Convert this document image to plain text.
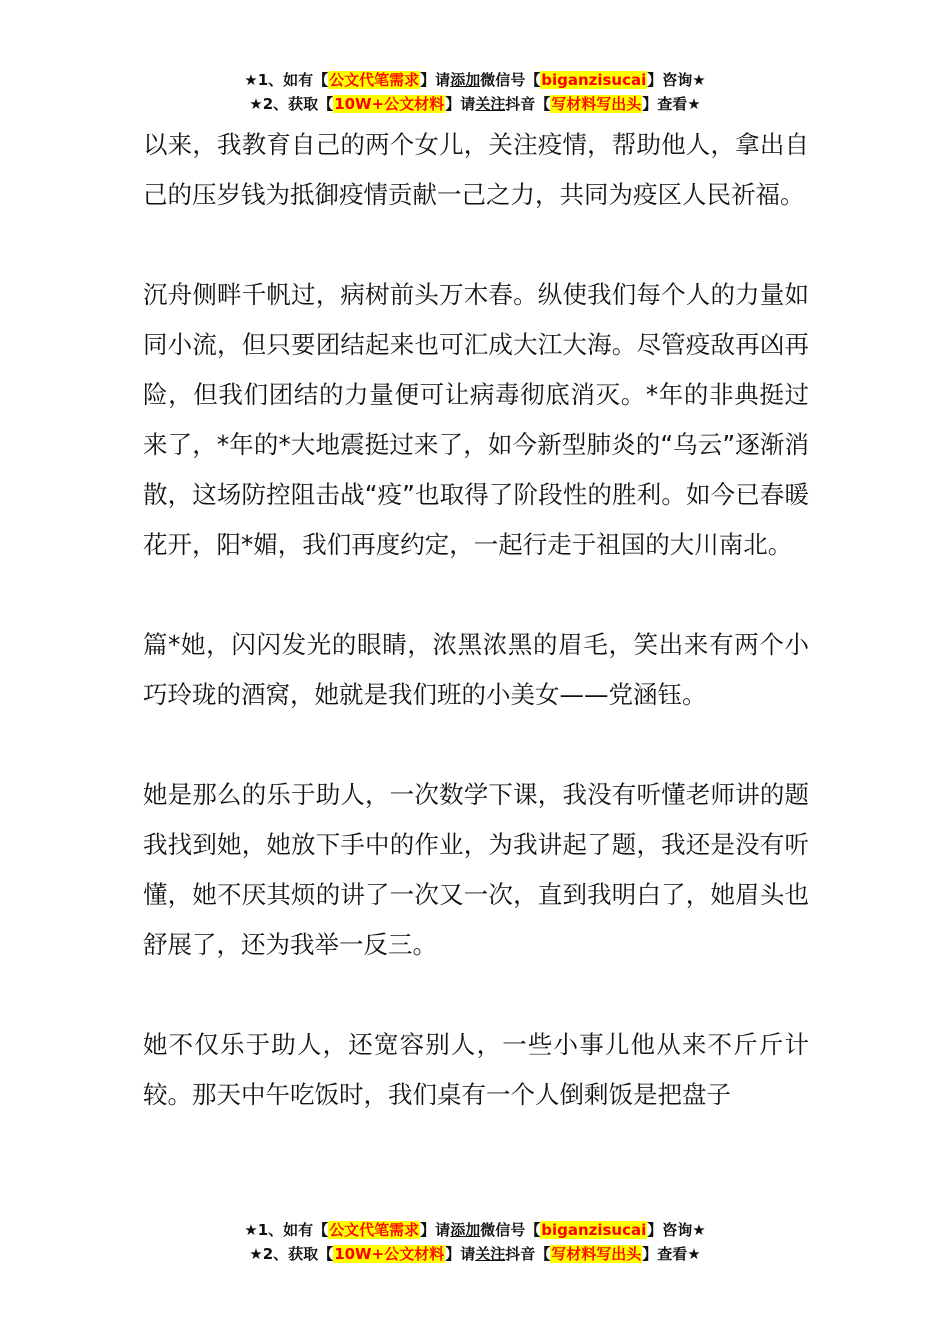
★1、如有【公文代笔需求】请添加微信号【biganzisucai】咨询★
★2、获取【10W+公文材料】请关注抖音【写材料写出头】查看★

以来，我教育自己的两个女儿，关注疫情，帮助他人，拿出自己的压岁钱为抵御疫情贡献一己之力，共同为疫区人民祈福。

沉舟侧畔千帆过，病树前头万木春。纵使我们每个人的力量如同小流，但只要团结起来也可汇成大江大海。尽管疫敌再凶再险，但我们团结的力量便可让病毒彻底消灭。*年的非典挺过来了，*年的*大地震挺过来了，如今新型肺炎的“乌云”逐渐消散，这场防控阻击战“疫”也取得了阶段性的胜利。如今已春暖花开，阳*媚，我们再度约定，一起行走于祖国的大川南北。

篇*她，闪闪发光的眼睛，浓黑浓黑的眉毛，笑出来有两个小巧玲珑的酒窝，她就是我们班的小美女——党涵钰。

她是那么的乐于助人，一次数学下课，我没有听懂老师讲的题我找到她，她放下手中的作业，为我讲起了题，我还是没有听懂，她不厌其烦的讲了一次又一次，直到我明白了，她眉头也舒展了，还为我举一反三。

她不仅乐于助人，还宽容别人，一些小事儿他从来不斤斤计较。那天中午吃饭时，我们桌有一个人倒剩饭是把盘子

★1、如有【公文代笔需求】请添加微信号【biganzisucai】咨询★
★2、获取【10W+公文材料】请关注抖音【写材料写出头】查看★
